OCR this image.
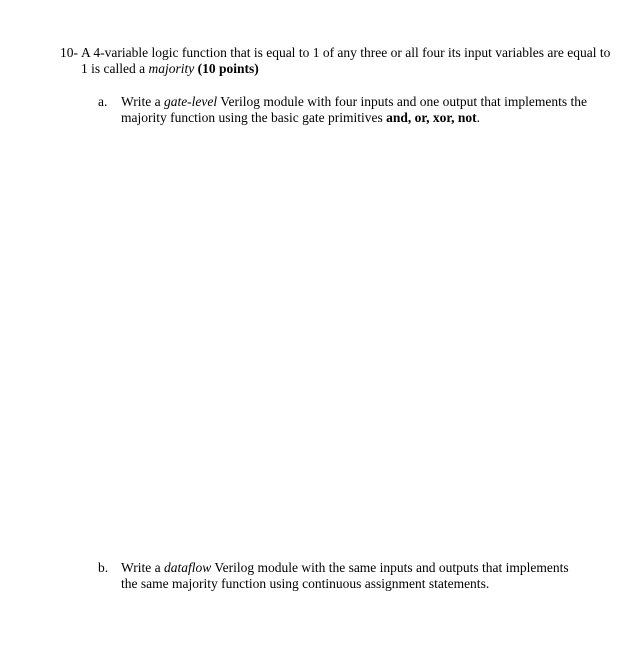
10- A 4-variable logic function that is equal to 1 of any three or all four its input variables are equal to 1 is called a majority (10 points)
a.	Write a gate-level Verilog module with four inputs and one output that implements the majority function using the basic gate primitives and, or, xor, not.
b. Write a dataflow Verilog module with the same inputs and outputs that implements the same majority function using continuous assignment statements.
